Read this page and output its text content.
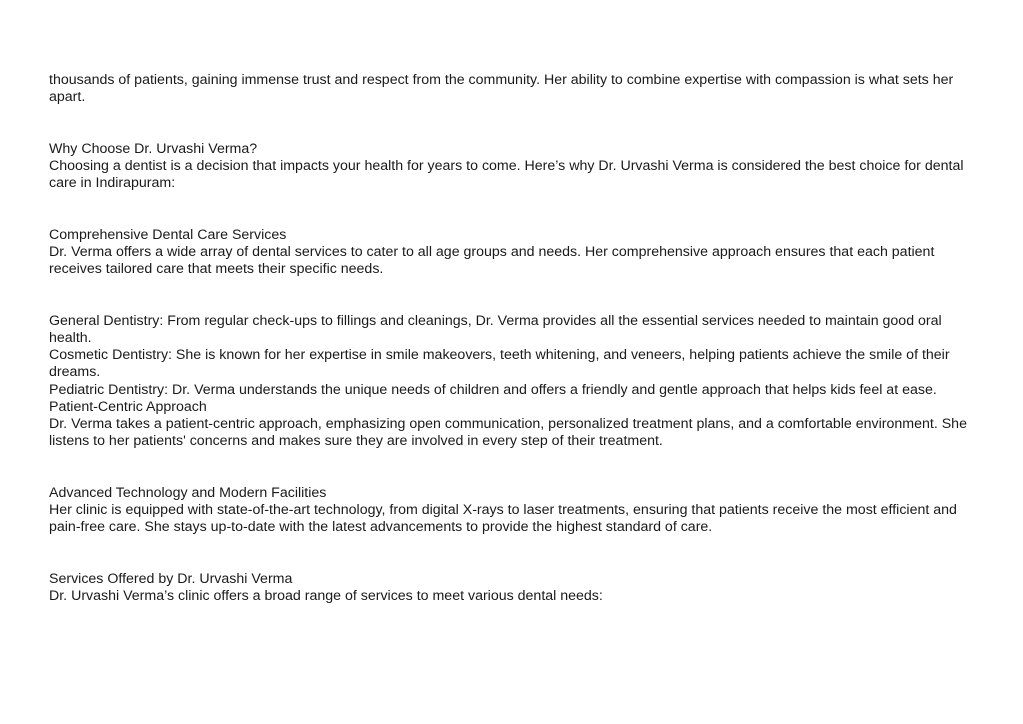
thousands of patients, gaining immense trust and respect from the community. Her ability to combine expertise with compassion is what sets her apart.

Why Choose Dr. Urvashi Verma?

Choosing a dentist is a decision that impacts your health for years to come. Here’s why Dr. Urvashi Verma is considered the best choice for dental care in Indirapuram:

Comprehensive Dental Care Services

Dr. Verma offers a wide array of dental services to cater to all age groups and needs. Her comprehensive approach ensures that each patient receives tailored care that meets their specific needs.

General Dentistry: From regular check-ups to fillings and cleanings, Dr. Verma provides all the essential services needed to maintain good oral health.

Cosmetic Dentistry: She is known for her expertise in smile makeovers, teeth whitening, and veneers, helping patients achieve the smile of their dreams.

Pediatric Dentistry: Dr. Verma understands the unique needs of children and offers a friendly and gentle approach that helps kids feel at ease.

Patient-Centric Approach

Dr. Verma takes a patient-centric approach, emphasizing open communication, personalized treatment plans, and a comfortable environment. She listens to her patients' concerns and makes sure they are involved in every step of their treatment.

Advanced Technology and Modern Facilities

Her clinic is equipped with state-of-the-art technology, from digital X-rays to laser treatments, ensuring that patients receive the most efficient and pain-free care. She stays up-to-date with the latest advancements to provide the highest standard of care.

Services Offered by Dr. Urvashi Verma

Dr. Urvashi Verma’s clinic offers a broad range of services to meet various dental needs:
